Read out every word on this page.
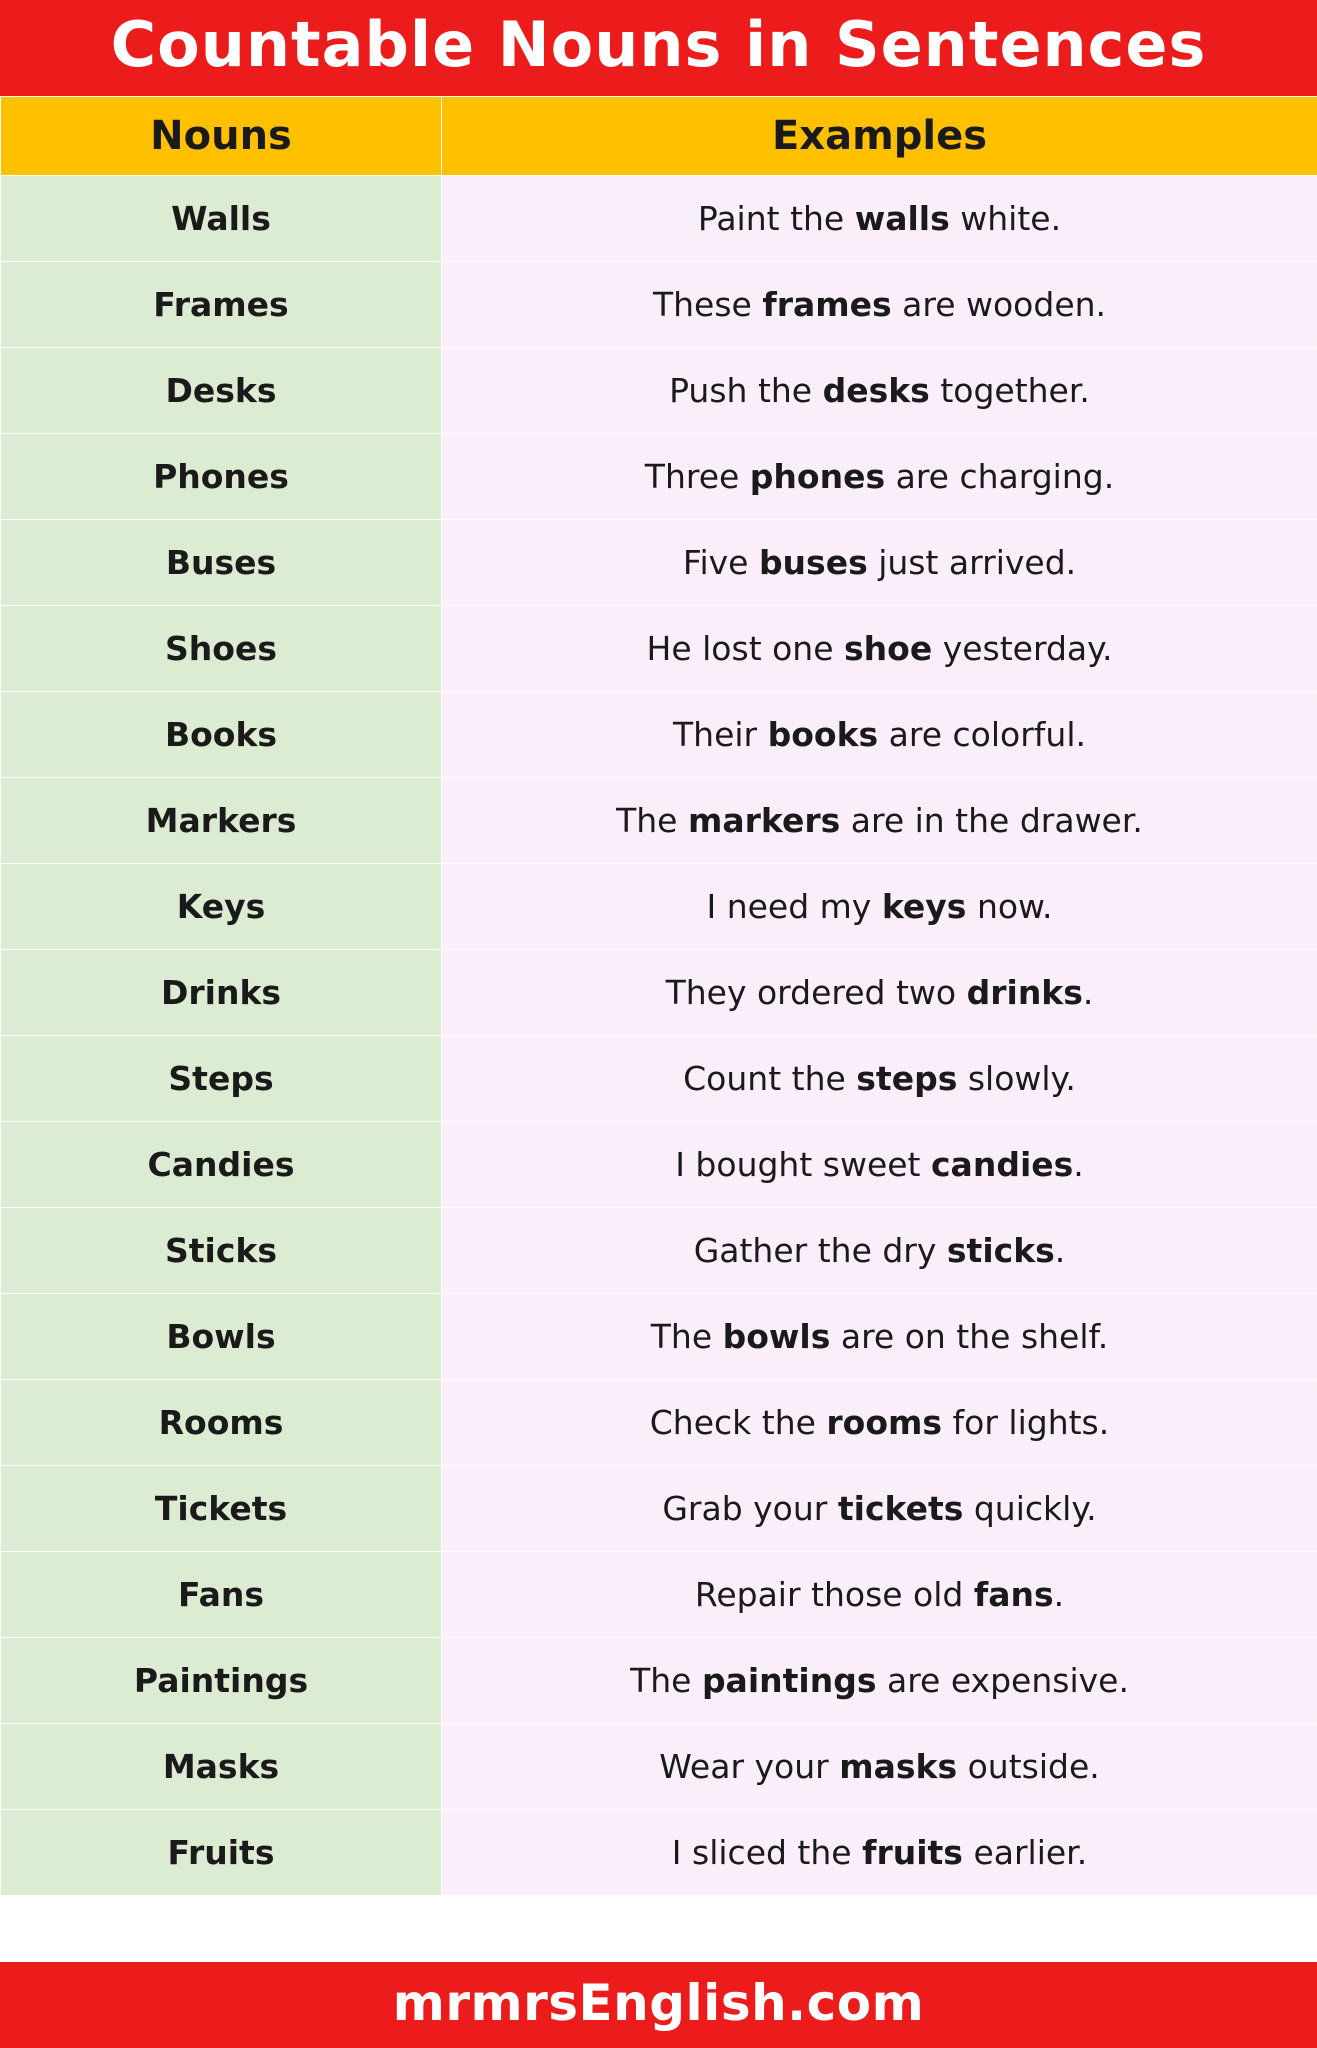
Countable Nouns in Sentences
Nouns	Examples
Walls	Paint the walls white.
Frames	These frames are wooden.
Desks	Push the desks together.
Phones	Three phones are charging.
Buses	Five buses just arrived.
Shoes	He lost one shoe yesterday.
Books	Their books are colorful.
Markers	The markers are in the drawer.
Keys	I need my keys now.
Drinks	They ordered two drinks.
Steps	Count the steps slowly.
Candies	I bought sweet candies.
Sticks	Gather the dry sticks.
Bowls	The bowls are on the shelf.
Rooms	Check the rooms for lights.
Tickets	Grab your tickets quickly.
Fans	Repair those old fans.
Paintings	The paintings are expensive.
Masks	Wear your masks outside.
Fruits	I sliced the fruits earlier.
mrmrsEnglish.com
